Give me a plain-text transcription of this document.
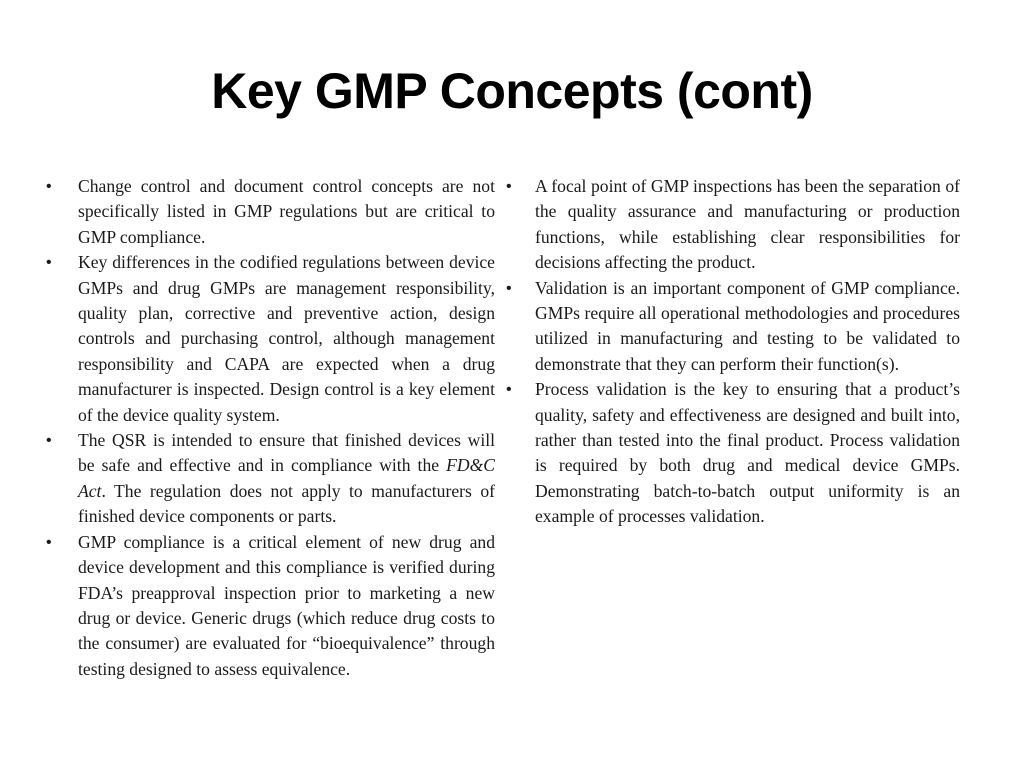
Key GMP Concepts (cont)
• Change control and document control concepts are not specifically listed in GMP regulations but are critical to GMP compliance.
• Key differences in the codified regulations between device GMPs and drug GMPs are management responsibility, quality plan, corrective and preventive action, design controls and purchasing control, although management responsibility and CAPA are expected when a drug manufacturer is inspected. Design control is a key element of the device quality system.
• The QSR is intended to ensure that finished devices will be safe and effective and in compliance with the FD&C Act. The regulation does not apply to manufacturers of finished device components or parts.
• GMP compliance is a critical element of new drug and device development and this compliance is verified during FDA’s preapproval inspection prior to marketing a new drug or device. Generic drugs (which reduce drug costs to the consumer) are evaluated for “bioequivalence” through testing designed to assess equivalence.
• A focal point of GMP inspections has been the separation of the quality assurance and manufacturing or production functions, while establishing clear responsibilities for decisions affecting the product.
• Validation is an important component of GMP compliance. GMPs require all operational methodologies and procedures utilized in manufacturing and testing to be validated to demonstrate that they can perform their function(s).
• Process validation is the key to ensuring that a product’s quality, safety and effectiveness are designed and built into, rather than tested into the final product. Process validation is required by both drug and medical device GMPs. Demonstrating batch-to-batch output uniformity is an example of processes validation.
